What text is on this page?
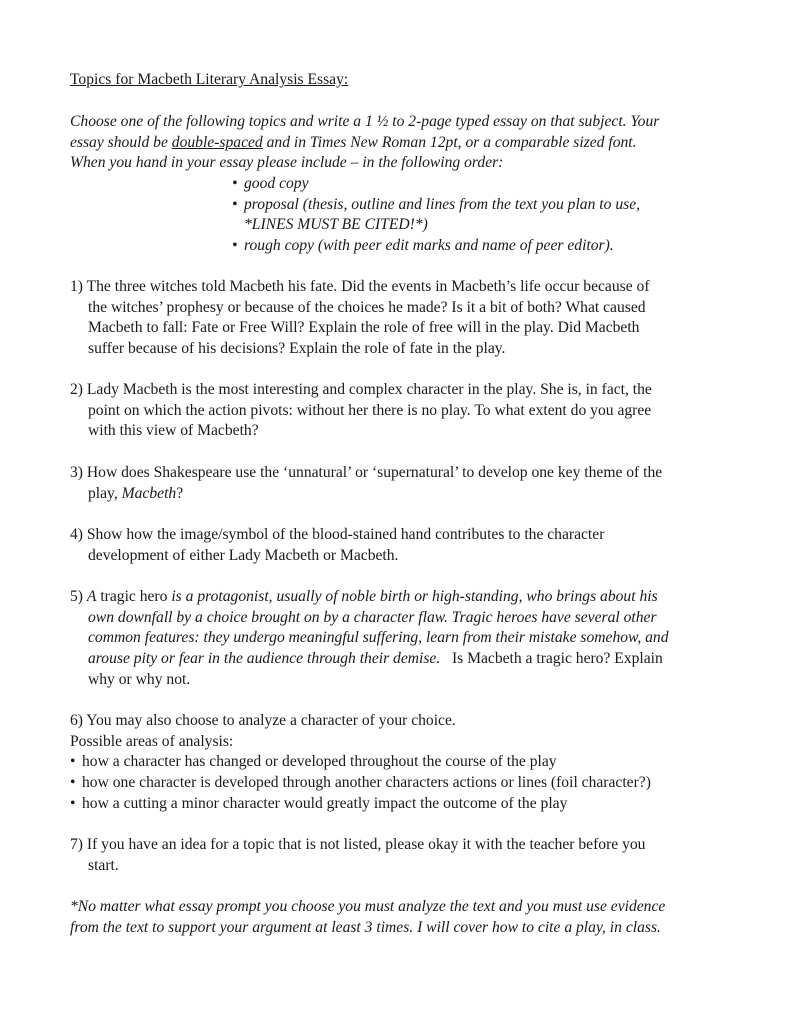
Topics for Macbeth Literary Analysis Essay:
Choose one of the following topics and write a 1 ½ to 2-page typed essay on that subject. Your
essay should be double-spaced and in Times New Roman 12pt, or a comparable sized font.
When you hand in your essay please include – in the following order:
• good copy
• proposal (thesis, outline and lines from the text you plan to use,
*LINES MUST BE CITED!*)
• rough copy (with peer edit marks and name of peer editor).
1) The three witches told Macbeth his fate. Did the events in Macbeth’s life occur because of
the witches’ prophesy or because of the choices he made? Is it a bit of both? What caused
Macbeth to fall: Fate or Free Will? Explain the role of free will in the play. Did Macbeth
suffer because of his decisions? Explain the role of fate in the play.
2) Lady Macbeth is the most interesting and complex character in the play. She is, in fact, the
point on which the action pivots: without her there is no play. To what extent do you agree
with this view of Macbeth?
3) How does Shakespeare use the ‘unnatural’ or ‘supernatural’ to develop one key theme of the
play, Macbeth?
4) Show how the image/symbol of the blood-stained hand contributes to the character
development of either Lady Macbeth or Macbeth.
5) A tragic hero is a protagonist, usually of noble birth or high-standing, who brings about his
own downfall by a choice brought on by a character flaw. Tragic heroes have several other
common features: they undergo meaningful suffering, learn from their mistake somehow, and
arouse pity or fear in the audience through their demise.   Is Macbeth a tragic hero? Explain
why or why not.
6) You may also choose to analyze a character of your choice.
Possible areas of analysis:
• how a character has changed or developed throughout the course of the play
• how one character is developed through another characters actions or lines (foil character?)
• how a cutting a minor character would greatly impact the outcome of the play
7) If you have an idea for a topic that is not listed, please okay it with the teacher before you
start.
*No matter what essay prompt you choose you must analyze the text and you must use evidence
from the text to support your argument at least 3 times. I will cover how to cite a play, in class.
